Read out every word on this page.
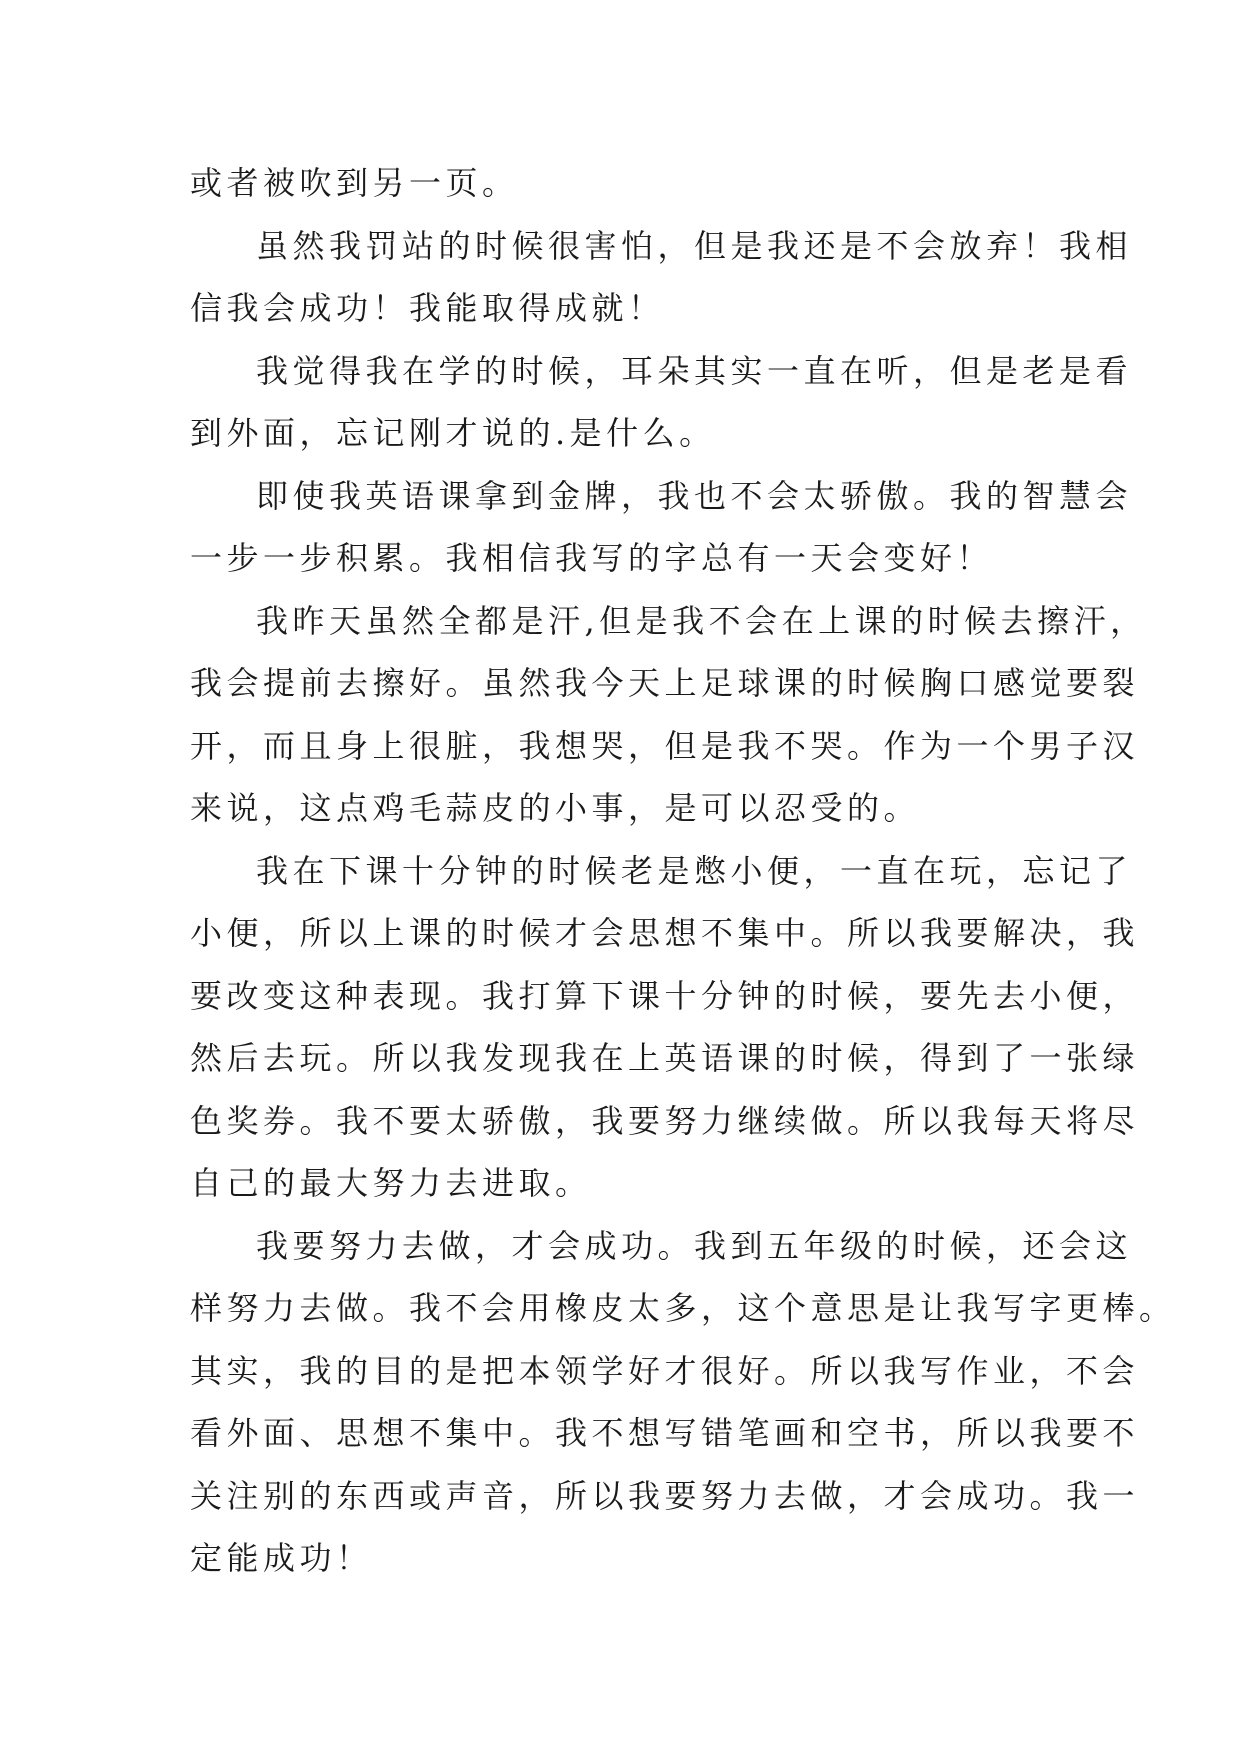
或者被吹到另一页。
虽然我罚站的时候很害怕，但是我还是不会放弃！我相
信我会成功！我能取得成就！
我觉得我在学的时候，耳朵其实一直在听，但是老是看
到外面，忘记刚才说的.是什么。
即使我英语课拿到金牌，我也不会太骄傲。我的智慧会
一步一步积累。我相信我写的字总有一天会变好！
我昨天虽然全都是汗,但是我不会在上课的时候去擦汗，
我会提前去擦好。虽然我今天上足球课的时候胸口感觉要裂
开，而且身上很脏，我想哭，但是我不哭。作为一个男子汉
来说，这点鸡毛蒜皮的小事，是可以忍受的。
我在下课十分钟的时候老是憋小便，一直在玩，忘记了
小便，所以上课的时候才会思想不集中。所以我要解决，我
要改变这种表现。我打算下课十分钟的时候，要先去小便，
然后去玩。所以我发现我在上英语课的时候，得到了一张绿
色奖券。我不要太骄傲，我要努力继续做。所以我每天将尽
自己的最大努力去进取。
我要努力去做，才会成功。我到五年级的时候，还会这
样努力去做。我不会用橡皮太多，这个意思是让我写字更棒。
其实，我的目的是把本领学好才很好。所以我写作业，不会
看外面、思想不集中。我不想写错笔画和空书，所以我要不
关注别的东西或声音，所以我要努力去做，才会成功。我一
定能成功！
